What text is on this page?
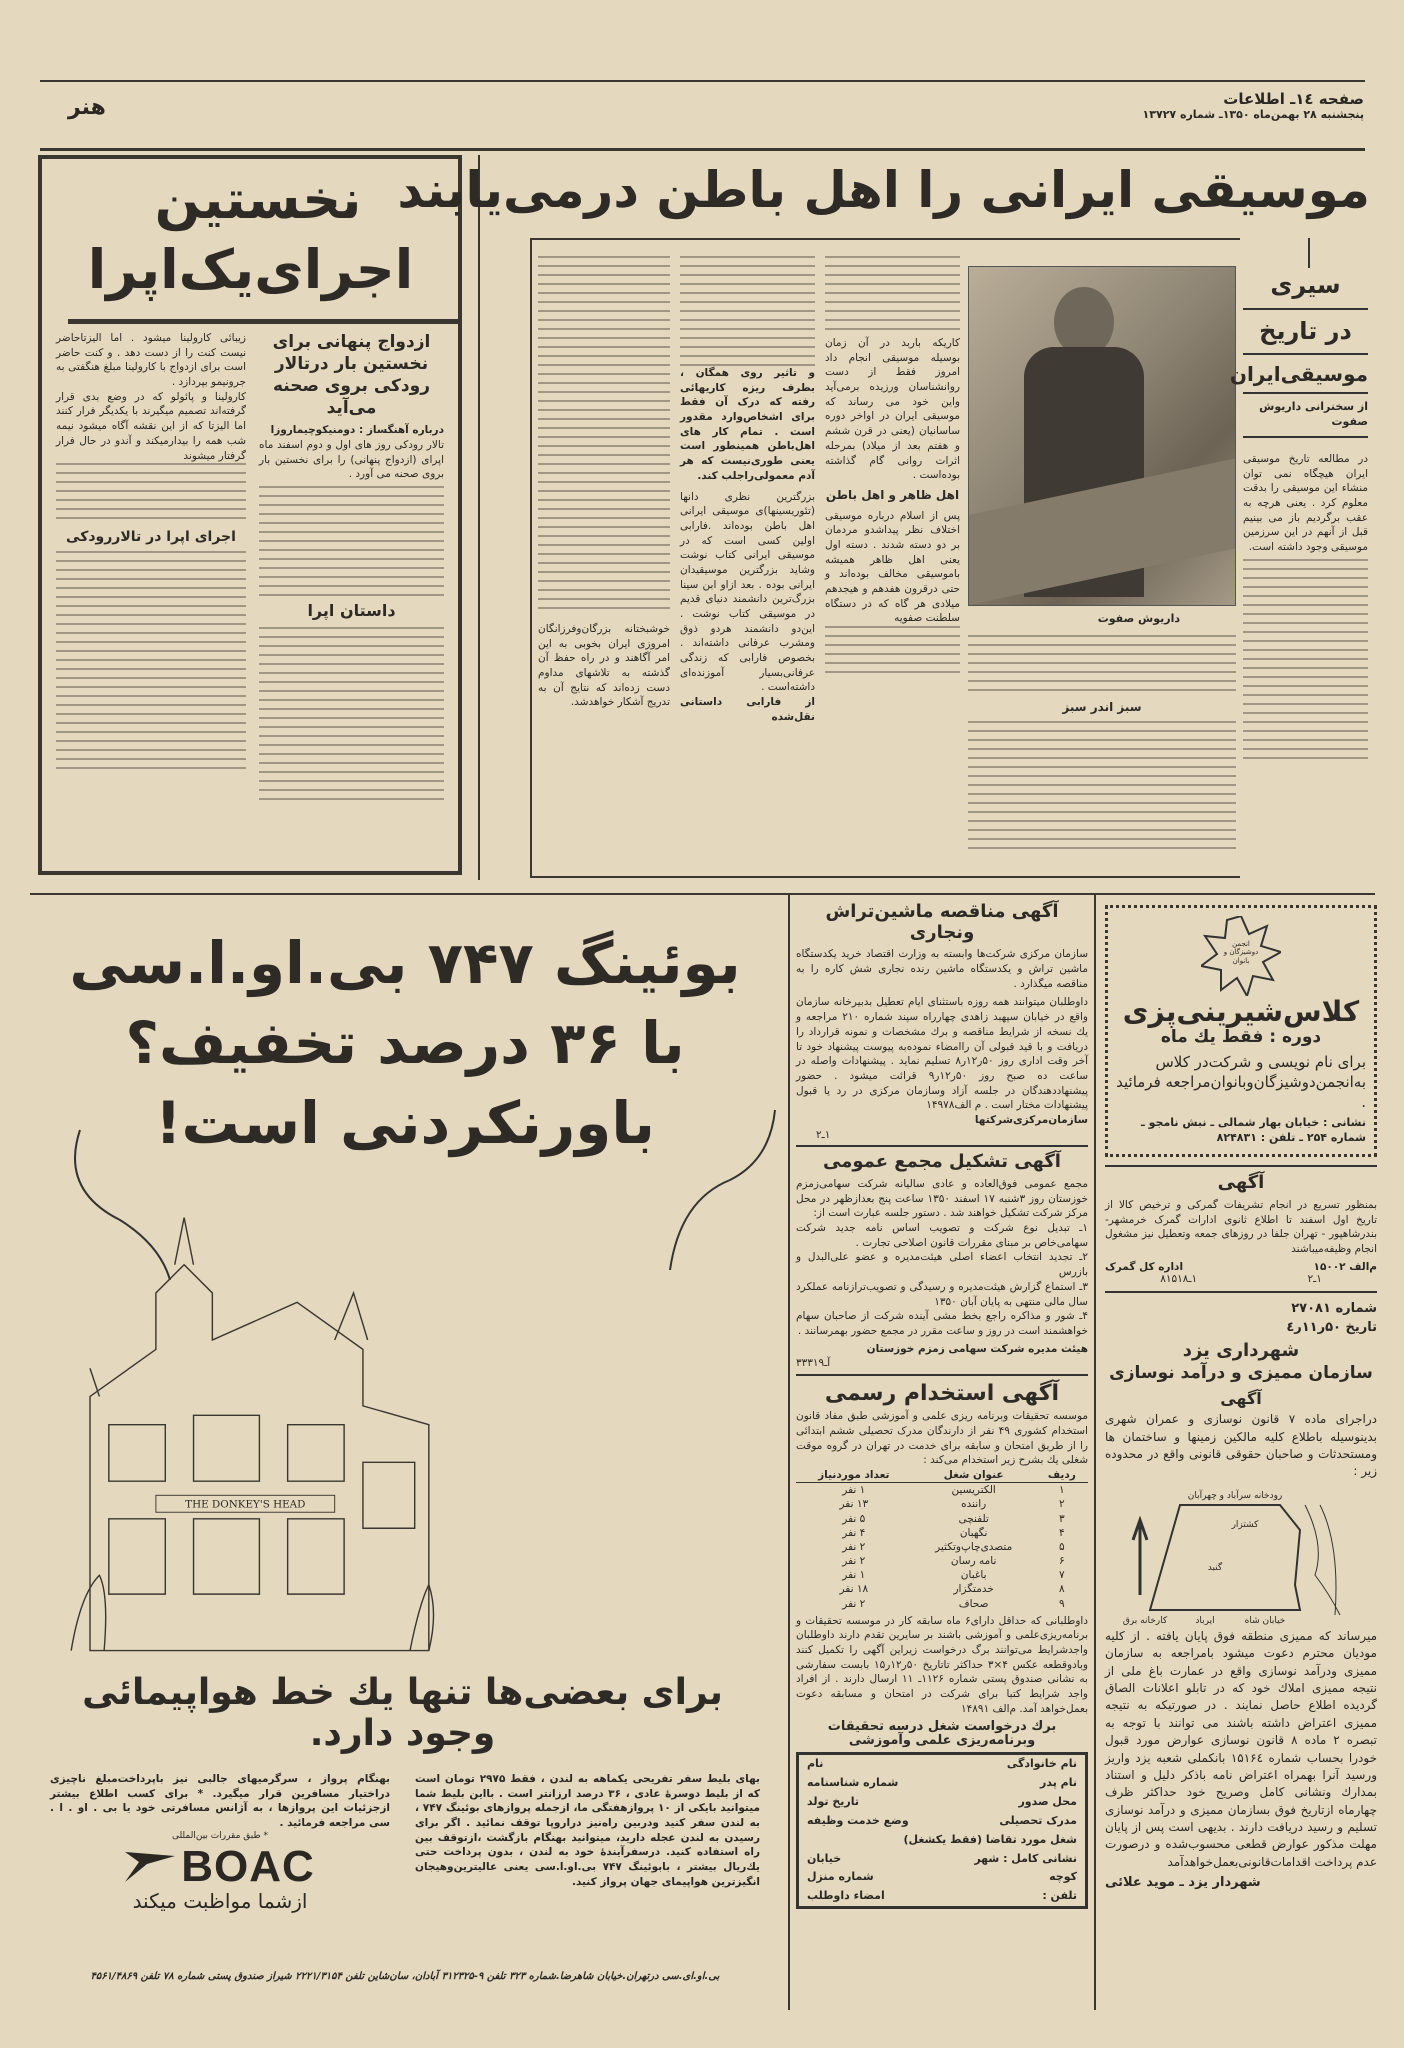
صفحه ١٤ـ اطلاعات
پنجشنبه ۲۸ بهمن‌ماه ۱۳۵۰ـ شماره ۱۳۷۲۷
هنر
نخستین
اجرای‌یک‌اپرا
ازدواج پنهانی برای نخستین بار درتالار رودکی بروی صحنه می‌آید
درباره آهنگساز : دومنیکوچیماروزا
تالار رودکی روز های اول و دوم اسفند ماه اپرای (ازدواج پنهانی) را برای نخستین بار بروی صحنه می آورد .
داستان اپرا
زیبائی کارولینا میشود . اما الیزتاحاضر نیست کنت را از دست دهد . و کنت حاضر است برای ازدواج با کارولینا مبلغ هنگفتی به جرونیمو بپردازد .
کارولینا و پائولو که در وضع بدی قرار گرفته‌اند تصمیم میگیرند با یکدیگر فرار کنند اما الیزتا که از این نقشه آگاه میشود نیمه شب همه را بیدارمیکند و آندو در حال فرار گرفتار میشوند
اجرای اپرا در تالاررودکی
موسیقی ایرانی را اهل باطن درمی‌یابند
داریوش صفوت
کاریکه باربد در آن زمان بوسیله موسیقی انجام داد امروز فقط از دست روانشناسان ورزیده برمی‌آید واین خود می رساند که موسیقی ایران در اواخر دوره ساسانیان (یعنی در قرن ششم و هفتم بعد از میلاد) بمرحله اثرات روانی گام گذاشته بوده‌است .
اهل ظاهر و اهل باطن
پس از اسلام درباره موسیقی اختلاف نظر پیداشدو مردمان بر دو دسته شدند . دسته اول یعنی اهل ظاهر همیشه باموسیقی مخالف بوده‌اند و حتی درقرون هفدهم و هیجدهم میلادی هر گاه که در دستگاه سلطنت صفویه
و تاثیر روی همگان ، بطرف ریزه کاریهائی رفته که درک آن فقط برای اشخاص‌وارد مقدور است . تمام کار های اهل‌باطن همینطور است یعنی طوری‌نیست که هر آدم معمولی‌راجلب کند.
بزرگترین نظری دانها (تئوریسینها)ی موسیقی ایرانی اهل باطن بوده‌اند .فارابی اولین کسی است که در موسیقی ایرانی کتاب نوشت وشاید بزرگترین موسیقیدان ایرانی بوده . بعد ازاو ابن سینا بزرگ‌ترین دانشمند دنیای قدیم در موسیقی کتاب نوشت . این‌دو دانشمند هردو ذوق ومشرب عرفانی داشته‌اند . بخصوص فارابی که زندگی عرفانی‌بسیار آموزنده‌ای داشته‌است .
از فارابی داستانی نقل‌شده
خوشبختانه بزرگان‌وفرزانگان امروزی ایران بخوبی به این امر آگاهند و در راه حفظ آن گذشته به تلاشهای مداوم دست زده‌اند که نتایج آن به تدریج آشکار خواهدشد.	سبز اندر سبز
سیری
در تاریخ
موسیقی‌ایران
از سخنرانی داریوش صفوت
در مطالعه تاریخ موسیقی ایران هیچگاه نمی توان منشاء این موسیقی را بدقت معلوم کرد . یعنی هرچه به عقب برگردیم باز می بینیم قبل از آنهم در این سرزمین موسیقی وجود داشته است.
بوئینگ ۷۴۷ بی.او.ا.سی
با ۳۶ درصد تخفیف؟
باورنکردنی است!
THE DONKEY'S HEAD
برای بعضی‌ها تنها یك خط هواپیمائی وجود دارد.
بهای بلیط سفر تفریحی یکماهه به لندن ، فقط ۲۹۷۵ تومان است که از بلیط دوسرهٔ عادی ، ۳۶ درصد ارزانتر است . بااین بلیط شما میتوانید بایکی از ۱۰ پروازهفتگی ما، ازجمله پروازهای بوئینگ ۷۴۷ ، به لندن سفر کنید ودربین راه‌نیز دراروپا توقف نمائید . اگر برای رسیدن به لندن عجله دارید، میتوانید بهنگام بازگشت ،ازتوقف بین راه استفاده کنید. درسفرآیندهٔ خود به لندن ، بدون پرداخت حتی یك‌ریال بیشتر ، بابوئینگ ۷۴۷ بی.او.ا.سی یعنی عالیترین‌وهیجان انگیزترین هواپیمای جهان پرواز کنید.
بهنگام پرواز ، سرگرمیهای جالبی نیز باپرداخت‌مبلغ ناچیزی دراختیار مسافرین قرار میگیرد. * برای کسب اطلاع بیشتر ازجزئیات این پروازها ، به آژانس مسافرتی خود یا بی . او . ا . سی مراجعه فرمائید .
* طبق مقررات بین‌المللی
BOAC
ازشما مواظبت میکند
بی.او.ای.سی درتهران.خیابان شاهرضا.شماره ۳۲۳ تلفن ۹-۳۱۲۳۲۵ آبادان، سان‌شاین تلفن ۲۲۲۱/۳۱۵۴ شیراز صندوق پستی شماره ۷۸ تلفن ۴۵۶۱/۴۸۶۹
آگهی مناقصه ماشین‌تراش ونجاری
سازمان مرکزی شرکت‌ها وابسته به وزارت اقتصاد خرید یکدستگاه ماشین تراش و یکدستگاه ماشین رنده نجاری شش کاره را به مناقصه میگذارد .
داوطلبان میتوانند همه روزه باستثنای ایام تعطیل بدبیرخانه سازمان واقع در خیابان سپهبد زاهدی چهارراه سپند شماره ۲۱۰ مراجعه و یك نسخه از شرایط مناقصه و برك مشخصات و نمونه قرارداد را دریافت و با قید قبولی آن راامضاء نموده‌به پیوست پیشنهاد خود تا آخر وقت اداری روز ۵۰ر۱۲ر۸ تسلیم نماید . پیشنهادات واصله در ساعت ده صبح روز ۵۰ر۱۲ر۹ قرائت میشود . حضور پیشنهاددهندگان در جلسه آزاد وسازمان مرکزی در رد یا قبول پیشنهادات مختار است . م الف۱۴۹۷۸
سازمان‌مرکزی‌شرکتها
۱ـ۲
آگهی تشکیل مجمع عمومی
مجمع عمومی فوق‌العاده و عادی سالیانه شرکت سهامی‌زمزم خوزستان روز ۳شنبه ۱۷ اسفند ۱۳۵۰ ساعت پنج بعدازظهر در محل مرکز شرکت تشکیل خواهند شد . دستور جلسه عبارت است از:
۱ـ تبدیل نوع شرکت و تصویب اساس نامه جدید شرکت سهامی‌خاص بر مبنای مقررات قانون اصلاحی تجارت .
۲ـ تجدید انتخاب اعضاء اصلی هیئت‌مدیره و عضو علی‌البدل و بازرس
۳ـ استماع گزارش هیئت‌مدیره و رسیدگی و تصویب‌ترازنامه عملکرد سال مالی منتهی به پایان آبان ۱۳۵۰
۴ـ شور و مذاکره راجع بخط مشی آینده شرکت از صاحبان سهام خواهشمند است در روز و ساعت مقرر در مجمع حضور بهمرسانند .
هیئت مدیره شرکت سهامی زمزم خوزستان
آـ۳۳۳۱۹
آگهی استخدام رسمی
موسسه تحقیقات وبرنامه ریزی علمی و آموزشی طبق مفاد قانون استخدام کشوری ۴۹ نفر از دارندگان مدرک تحصیلی ششم ابتدائی را از طریق امتحان و سابقه برای خدمت در تهران در گروه موقت شغلی یك بشرح زیر استخدام می‌کند :
ردیف	عنوان شغل	تعداد موردنیاز
۱	الکتریسین	۱ نفر
۲	راننده	۱۳ نفر
۳	تلفنچی	۵ نفر
۴	نگهبان	۴ نفر
۵	متصدی‌چاپ‌وتکثیر	۲ نفر
۶	نامه رسان	۲ نفر
۷	باغبان	۱ نفر
۸	خدمتگزار	۱۸ نفر
۹	صحاف	۲ نفر
داوطلبانی که حداقل دارای۶ ماه سابقه کار در موسسه تحقیقات و برنامه‌ریزی‌علمی و آموزشی باشند بر سایرین تقدم دارند داوطلبان واجدشرایط می‌توانند برگ درخواست زیراین آگهی را تکمیل کنند وبادوقطعه عکس ۴×۳ حداکثر تاتاریخ ۵۰ر۱۲ر۱۵ بابست سفارشی به نشانی صندوق پستی شماره ۱۱۲۶ـ ۱۱ ارسال دارند . از افراد واجد شرایط کتبا برای شرکت در امتحان و مسابقه دعوت بعمل‌خواهد آمد. م‌الف ۱۴۸۹۱
برك درخواست شغل درسه تحقیقات وبرنامه‌ریزی علمی وآموزشی
نام خانوادگی
نام
نام پدر
شماره شناسنامه
محل صدور
تاریخ تولد
مدرک تحصیلی
وضع خدمت وظیفه
شغل مورد تقاضا (فقط یکشغل)
نشانی کامل : شهر
خیابان
کوچه
شماره منزل
تلفن :
امضاء داوطلب
انجمن دوشیزگان و بانوان
کلاس‌شیرینی‌پزی
دوره : فقط یك ماه
برای نام نویسی و شرکت‌در کلاس به‌انجمن‌دوشیزگان‌وبانوان‌مراجعه فرمائید .
نشانی : خیابان بهار شمالی ـ نبش نامجو ـ شماره ۲۵۴ ـ تلفن : ۸۲۴۸۳۱
آگهی
بمنظور تسریع در انجام تشریفات گمرکی و ترخیص کالا از تاریخ اول اسفند تا اطلاع ثانوی ادارات گمرک خرمشهر- بندرشاهپور - تهران جلفا در روزهای جمعه وتعطیل نیز مشغول انجام وظیفه‌میباشند
م‌الف ۱۵۰۰۲
اداره کل گمرک
۱ـ۲
۱ـ۸۱۵۱۸
شماره ۲۷۰۸۱
تاریخ ۵۰ر۱۱ر٤
شهرداری یزد
سازمان ممیزی و درآمد نوسازی
آگهی
دراجرای ماده ۷ قانون نوسازی و عمران شهری بدینوسیله باطلاع کلیه مالکین زمینها و ساختمان ها ومستحدثات و صاحبان حقوقی قانونی واقع در محدوده زیر :
رودخانه سرآباد و چهرآبان
خیابان شاه
ایرباد
کارخانه برق
کشتزار
گنبد
میرساند که ممیزی منطقه فوق پایان یافته . از کلیه مودیان محترم دعوت میشود بامراجعه به سازمان ممیزی ودرآمد نوسازی واقع در عمارت باغ ملی از نتیجه ممیزی املاك خود که در تابلو اعلانات الصاق گردیده اطلاع حاصل نمایند . در صورتیکه به نتیجه ممیزی اعتراض داشته باشند می توانند با توجه به تبصره ۲ ماده ۸ قانون نوسازی عوارض مورد قبول خودرا بحساب شماره ۱۵۱۶٤ بانکملی شعبه یزد واریز ورسید آنرا بهمراه اعتراض نامه باذکر دلیل و استناد بمدارك ونشانی کامل وصریح خود حداکثر ظرف چهارماه ازتاریخ فوق بسازمان ممیزی و درآمد نوسازی تسلیم و رسید دریافت دارند . بدیهی است پس از پایان مهلت مذکور عوارض قطعی محسوب‌شده و درصورت عدم پرداخت اقدامات‌قانونی‌بعمل‌خواهدآمد
شهردار یزد ـ موید علائی
